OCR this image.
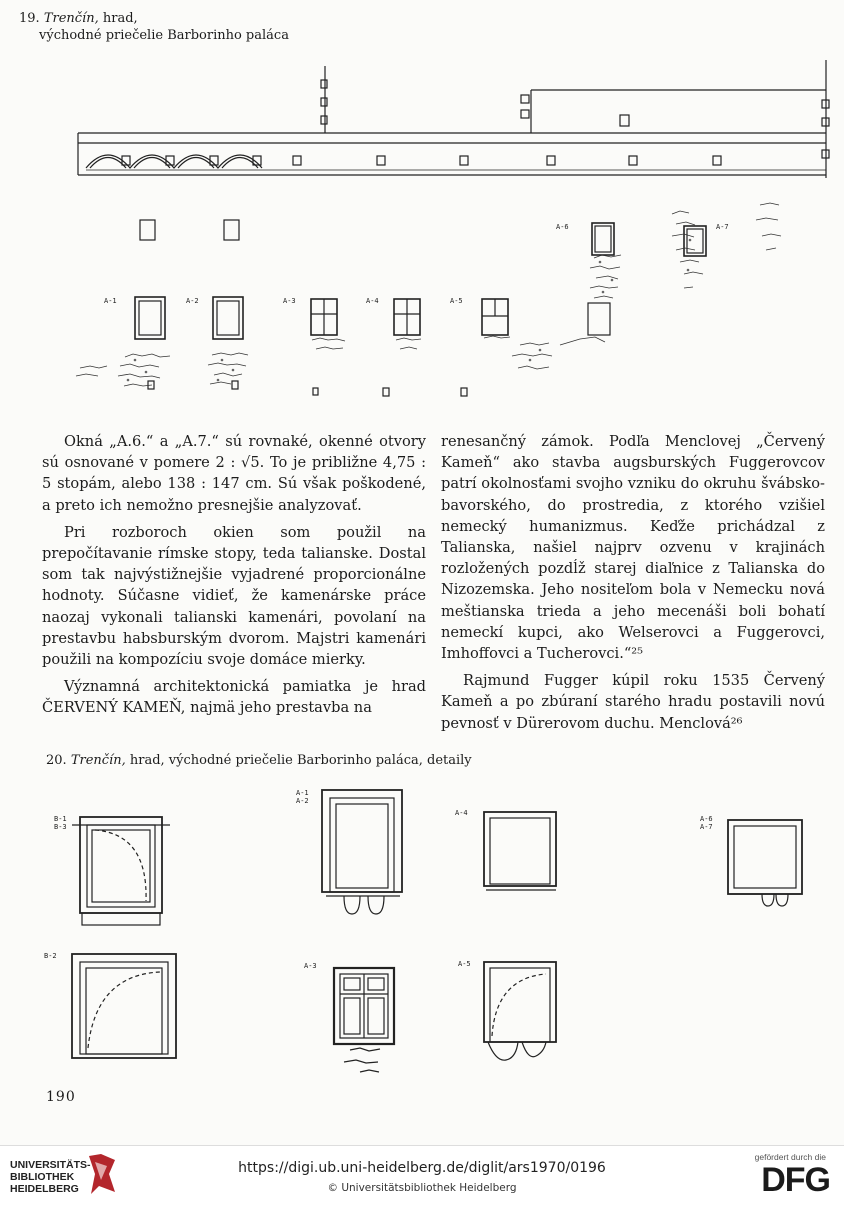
19. Trenčín, hrad,
východné priečelie Barborinho paláca
A-1	A-2	A-3	A-4	A-5
A-6	A-7

Okná „A.6.“ a „A.7.“ sú rovnaké, okenné otvory sú osnované v pomere 2 : √5. To je približne 4,75 : 5 stopám, alebo 138 : 147 cm. Sú však poškodené, a preto ich nemožno presnejšie analyzovať.

Pri rozboroch okien som použil na prepočítavanie rímske stopy, teda talianske. Dostal som tak najvýstižnejšie vyjadrené proporcionálne hodnoty. Súčasne vidieť, že kamenárske práce naozaj vykonali talianski kamenári, povolaní na prestavbu habsburským dvorom. Majstri kamenári použili na kompozíciu svoje domáce mierky.

Významná architektonická pamiatka je hrad ČERVENÝ KAMEŇ, najmä jeho prestavba na

renesančný zámok. Podľa Menclovej „Červený Kameň“ ako stavba augsburských Fuggerovcov patrí okolnosťami svojho vzniku do okruhu švábsko-bavorského, do prostredia, z ktorého vzišiel nemecký humanizmus. Keďže prichádzal z Talianska, našiel najprv ozvenu v krajinách rozložených pozdĺž starej diaľnice z Talianska do Nizozemska. Jeho nositeľom bola v Nemecku nová meštianska trieda a jeho mecenáši boli bohatí nemeckí kupci, ako Welserovci a Fuggerovci, Imhoffovci a Tucherovci.“²⁵

Rajmund Fugger kúpil roku 1535 Červený Kameň a po zbúraní starého hradu postavili novú pevnosť v Dürerovom duchu. Menclová²⁶

20. Trenčín, hrad, východné priečelie Barborinho paláca, detaily
B-1
B-3
B-2
A-1
A-2
A-4
A-3	A-5
A-6
A-7
190
UNIVERSITÄTS-
BIBLIOTHEK
HEIDELBERG
https://digi.ub.uni-heidelberg.de/diglit/ars1970/0196
© Universitätsbibliothek Heidelberg
gefördert durch die
DFG
